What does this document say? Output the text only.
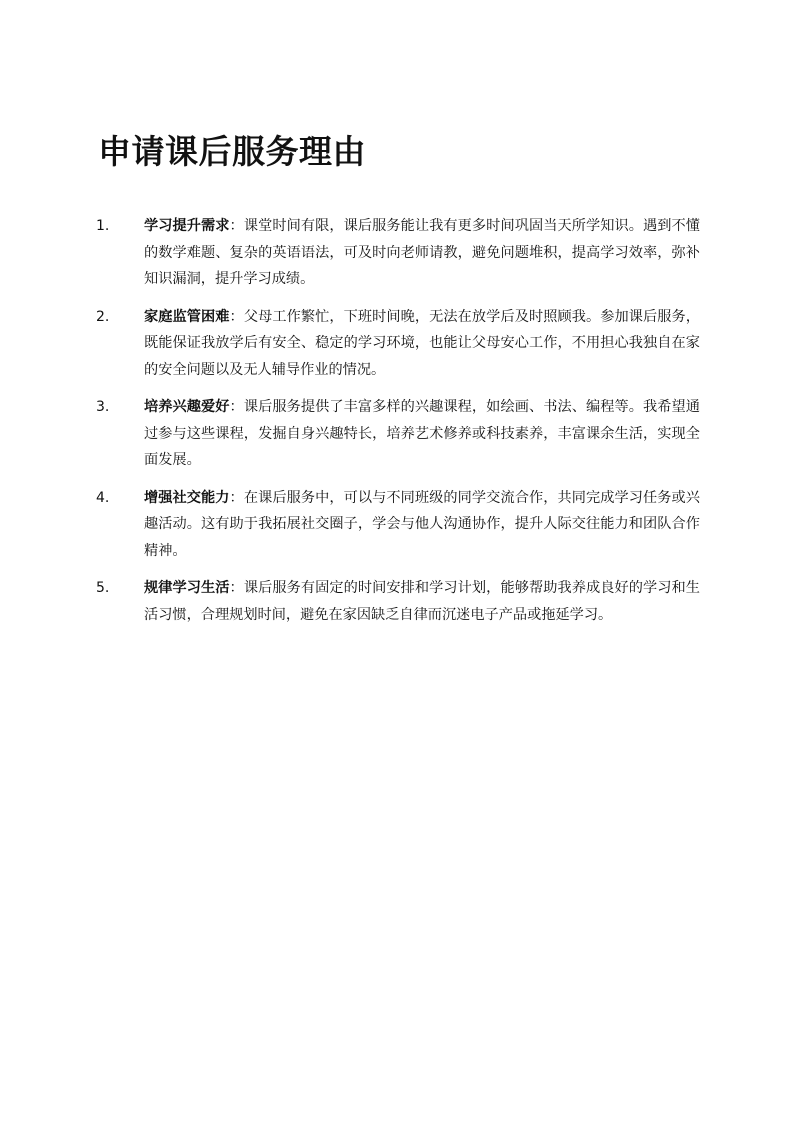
申请课后服务理由
1.	学习提升需求：课堂时间有限，课后服务能让我有更多时间巩固当天所学知识。遇到不懂的数学难题、复杂的英语语法，可及时向老师请教，避免问题堆积，提高学习效率，弥补知识漏洞，提升学习成绩。
2.	家庭监管困难：父母工作繁忙，下班时间晚，无法在放学后及时照顾我。参加课后服务，既能保证我放学后有安全、稳定的学习环境，也能让父母安心工作，不用担心我独自在家的安全问题以及无人辅导作业的情况。
3.	培养兴趣爱好：课后服务提供了丰富多样的兴趣课程，如绘画、书法、编程等。我希望通过参与这些课程，发掘自身兴趣特长，培养艺术修养或科技素养，丰富课余生活，实现全面发展。
4.	增强社交能力：在课后服务中，可以与不同班级的同学交流合作，共同完成学习任务或兴趣活动。这有助于我拓展社交圈子，学会与他人沟通协作，提升人际交往能力和团队合作精神。
5.	规律学习生活：课后服务有固定的时间安排和学习计划，能够帮助我养成良好的学习和生活习惯，合理规划时间，避免在家因缺乏自律而沉迷电子产品或拖延学习。
